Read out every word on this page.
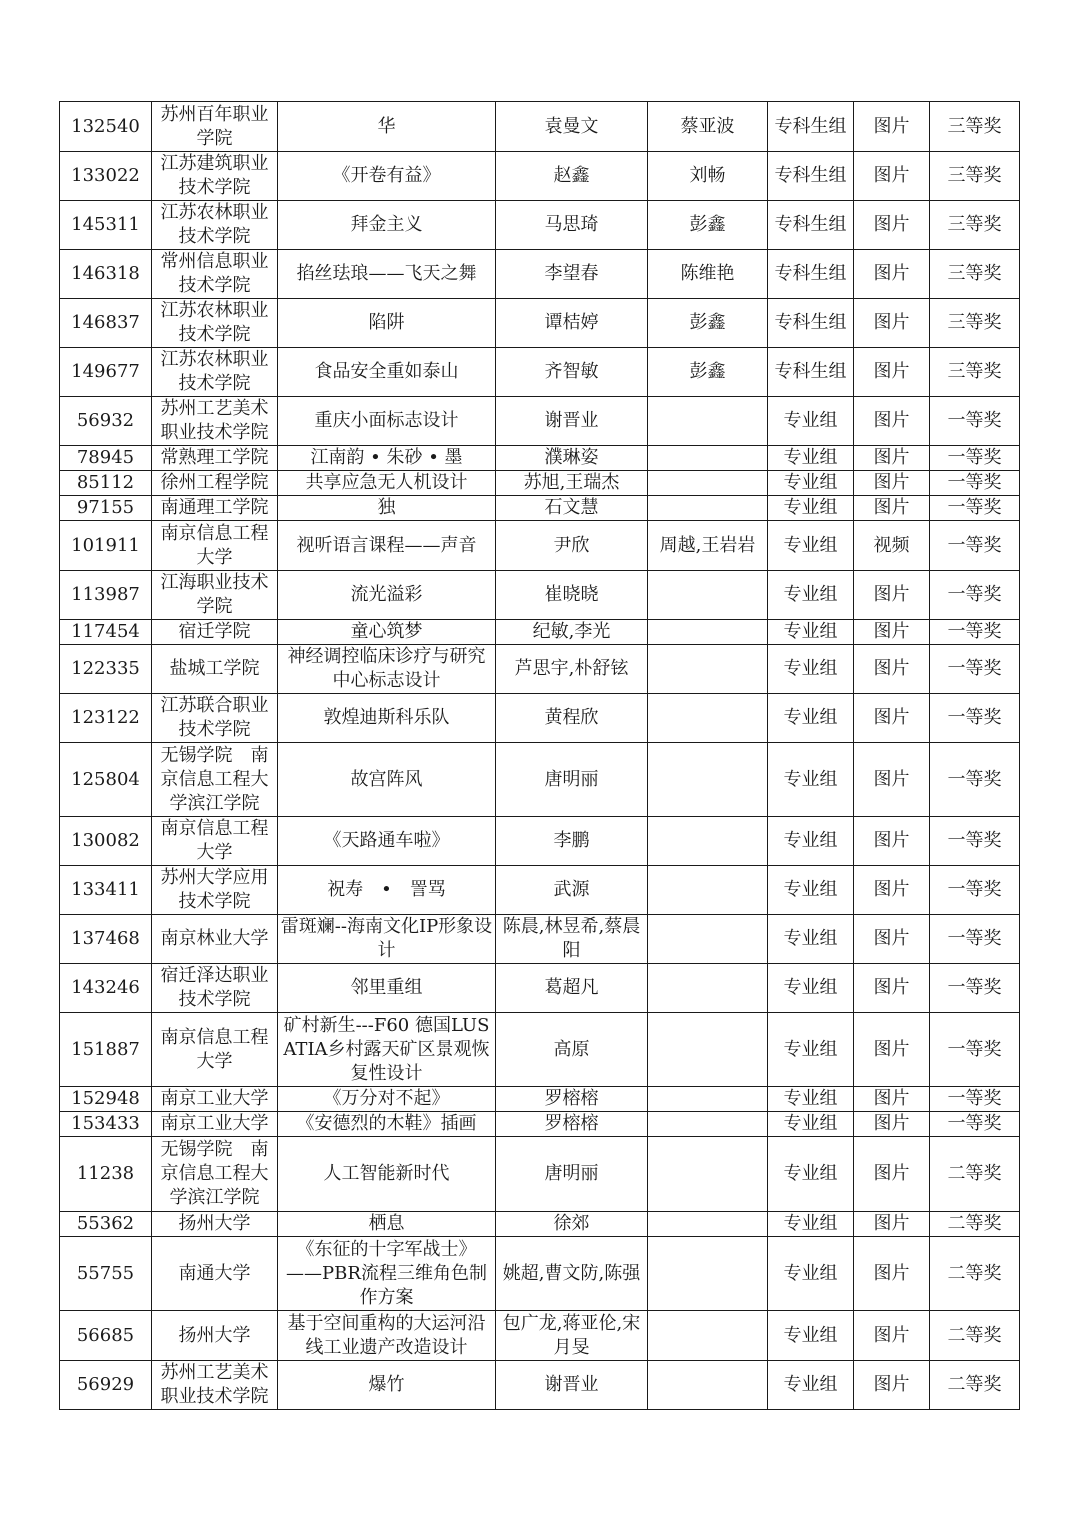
132540	苏州百年职业学院	华	袁曼文	蔡亚波	专科生组	图片	三等奖
133022	江苏建筑职业技术学院	《开卷有益》	赵鑫	刘畅	专科生组	图片	三等奖
145311	江苏农林职业技术学院	拜金主义	马思琦	彭鑫	专科生组	图片	三等奖
146318	常州信息职业技术学院	掐丝珐琅——飞天之舞	李望春	陈维艳	专科生组	图片	三等奖
146837	江苏农林职业技术学院	陷阱	谭桔婷	彭鑫	专科生组	图片	三等奖
149677	江苏农林职业技术学院	食品安全重如泰山	齐智敏	彭鑫	专科生组	图片	三等奖
56932	苏州工艺美术职业技术学院	重庆小面标志设计	谢晋业		专业组	图片	一等奖
78945	常熟理工学院	江南韵 • 朱砂 • 墨	濮琳姿		专业组	图片	一等奖
85112	徐州工程学院	共享应急无人机设计	苏旭,王瑞杰		专业组	图片	一等奖
97155	南通理工学院	独	石文慧		专业组	图片	一等奖
101911	南京信息工程大学	视听语言课程——声音	尹欣	周越,王岩岩	专业组	视频	一等奖
113987	江海职业技术学院	流光溢彩	崔晓晓		专业组	图片	一等奖
117454	宿迁学院	童心筑梦	纪敏,李光		专业组	图片	一等奖
122335	盐城工学院	神经调控临床诊疗与研究中心标志设计	芦思宇,朴舒铉		专业组	图片	一等奖
123122	江苏联合职业技术学院	敦煌迪斯科乐队	黄程欣		专业组	图片	一等奖
125804	无锡学院　南京信息工程大学滨江学院	故宫阵风	唐明丽		专业组	图片	一等奖
130082	南京信息工程大学	《天路通车啦》	李鹏		专业组	图片	一等奖
133411	苏州大学应用技术学院	祝寿　•　詈骂	武源		专业组	图片	一等奖
137468	南京林业大学	雷斑斓--海南文化IP形象设计	陈晨,林昱希,蔡晨阳		专业组	图片	一等奖
143246	宿迁泽达职业技术学院	邻里重组	葛超凡		专业组	图片	一等奖
151887	南京信息工程大学	矿村新生---F60 德国LUSATIA乡村露天矿区景观恢复性设计	高原		专业组	图片	一等奖
152948	南京工业大学	《万分对不起》	罗榕榕		专业组	图片	一等奖
153433	南京工业大学	《安德烈的木鞋》插画	罗榕榕		专业组	图片	一等奖
11238	无锡学院　南京信息工程大学滨江学院	人工智能新时代	唐明丽		专业组	图片	二等奖
55362	扬州大学	栖息	徐郊		专业组	图片	二等奖
55755	南通大学	《东征的十字军战士》——PBR流程三维角色制作方案	姚超,曹文防,陈强		专业组	图片	二等奖
56685	扬州大学	基于空间重构的大运河沿线工业遗产改造设计	包广龙,蒋亚伦,宋月旻		专业组	图片	二等奖
56929	苏州工艺美术职业技术学院	爆竹	谢晋业		专业组	图片	二等奖
